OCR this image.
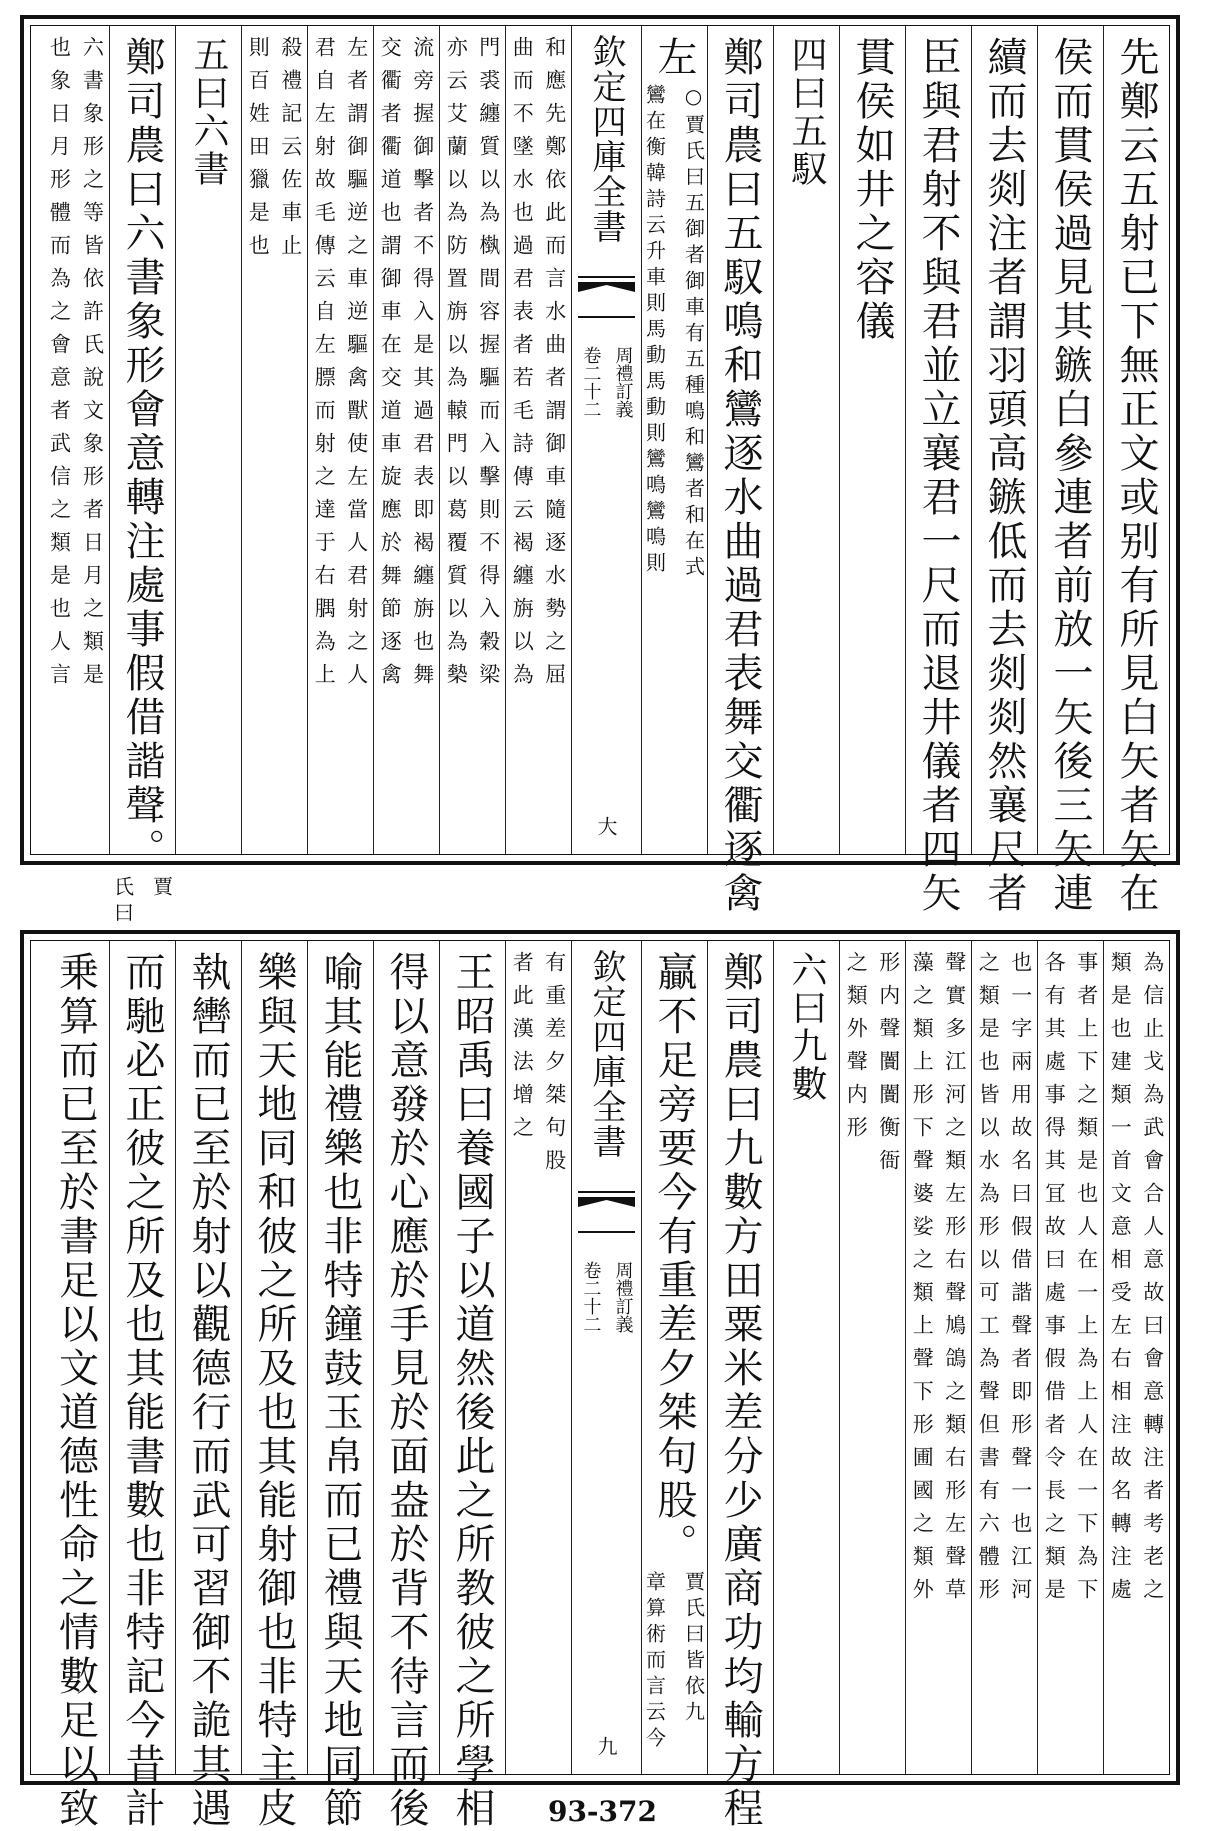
先鄭云五射已下無正文或别有所見白矢者矢在
侯而貫侯過見其鏃白參連者前放一矢後三矢連
續而去剡注者謂羽頭高鏃低而去剡剡然襄尺者
臣與君射不與君並立襄君一尺而退井儀者四矢
貫侯如井之容儀
四曰五馭
鄭司農曰五馭鳴和鸞逐水曲過君表舞交衢逐禽
左
○賈氏曰五御者御車有五種鳴和鸞者和在式
鸞在衡韓詩云升車則馬動馬動則鸞鳴鸞鳴則
欽定四庫全書
周禮訂義
卷二十二
大
和應先鄭依此而言水曲者謂御車隨逐水勢之屈
曲而不墜水也過君表者若毛詩傳云褐纏旃以為
門裘纏質以為槸間容握驅而入擊則不得入穀梁
亦云艾蘭以為防置旃以為轅門以葛覆質以為槷
流旁握御擊者不得入是其過君表即褐纏旃也舞
交衢者衢道也謂御車在交道車旋應於舞節逐禽
左者謂御驅逆之車逆驅禽獸使左當人君射之人
君自左射故毛傳云自左膘而射之達于右腢為上
殺禮記云佐車止
則百姓田獵是也
五曰六書
鄭司農曰六書象形會意轉注處事假借諧聲。
賈
氏曰
六書象形之等皆依許氏說文象形者日月之類是
也象日月形體而為之會意者武信之類是也人言
為信止戈為武會合人意故曰會意轉注者考老之
類是也建類一首文意相受左右相注故名轉注處
事者上下之類是也人在一上為上人在一下為下
各有其處事得其冝故曰處事假借者令長之類是
也一字兩用故名曰假借諧聲者即形聲一也江河
之類是也皆以水為形以可工為聲但書有六體形
聲實多江河之類左形右聲鳩鴿之類右形左聲草
藻之類上形下聲婆娑之類上聲下形圃國之類外
形内聲闠闠衡衙
之類外聲内形
六曰九數
鄭司農曰九數方田粟米差分少廣商功均輸方程
贏不足旁要今有重差夕桀句股。
賈氏曰皆依九
章算術而言云今
欽定四庫全書
周禮訂義
卷二十二
九
有重差夕桀句股
者此漢法增之
王昭禹曰養國子以道然後此之所教彼之所學相
得以意發於心應於手見於面盎於背不待言而後
喻其能禮樂也非特鐘鼓玉帛而已禮與天地同節
樂與天地同和彼之所及也其能射御也非特主皮
執轡而已至於射以觀德行而武可習御不詭其遇
而馳必正彼之所及也其能書數也非特記今昔計
乗算而已至於書足以文道德性命之情數足以致	93-372
